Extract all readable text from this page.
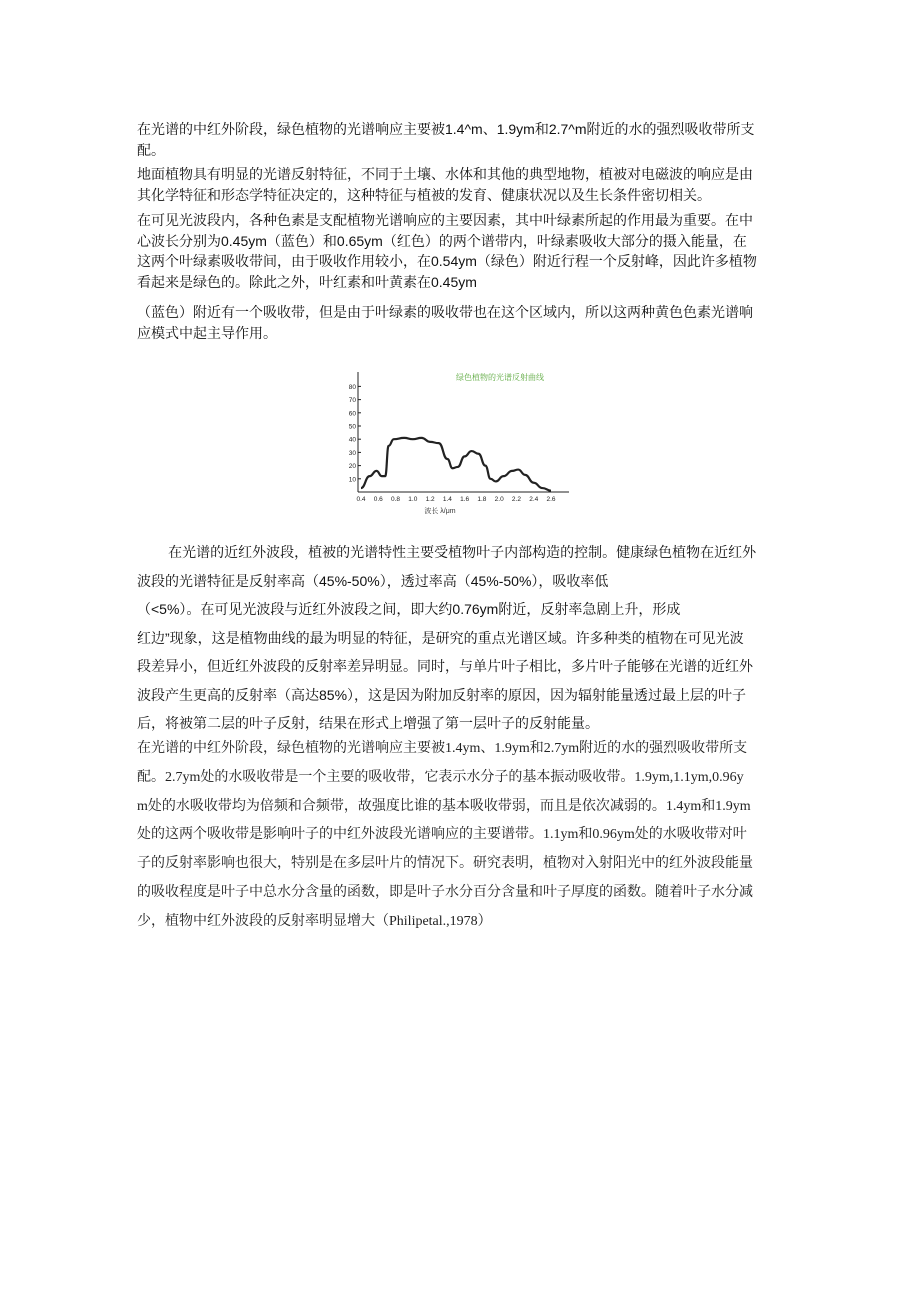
在光谱的中红外阶段，绿色植物的光谱响应主要被1.4^m、1.9ym和2.7^m附近的水的强烈吸收带所支
配。
地面植物具有明显的光谱反射特征，不同于土壤、水体和其他的典型地物，植被对电磁波的响应是由
其化学特征和形态学特征决定的，这种特征与植被的发育、健康状况以及生长条件密切相关。
在可见光波段内，各种色素是支配植物光谱响应的主要因素，其中叶绿素所起的作用最为重要。在中
心波长分别为0.45ym（蓝色）和0.65ym（红色）的两个谱带内，叶绿素吸收大部分的摄入能量，在
这两个叶绿素吸收带间，由于吸收作用较小，在0.54ym（绿色）附近行程一个反射峰，因此许多植物
看起来是绿色的。除此之外，叶红素和叶黄素在0.45ym
（蓝色）附近有一个吸收带，但是由于叶绿素的吸收带也在这个区域内，所以这两种黄色色素光谱响
应模式中起主导作用。
10
20
30
40
50
60
70
80
0.4 0.6 0.8 1.0 1.2 1.4 1.6 1.8 2.0 2.2 2.4 2.6
绿色植物的光谱反射曲线
波长 λ/μm
在光谱的近红外波段，植被的光谱特性主要受植物叶子内部构造的控制。健康绿色植物在近红外
波段的光谱特征是反射率高（45%-50%），透过率高（45%-50%），吸收率低
（<5%）。在可见光波段与近红外波段之间，即大约0.76ym附近，反射率急剧上升，形成
红边”现象，这是植物曲线的最为明显的特征，是研究的重点光谱区域。许多种类的植物在可见光波
段差异小，但近红外波段的反射率差异明显。同时，与单片叶子相比，多片叶子能够在光谱的近红外
波段产生更高的反射率（高达85%），这是因为附加反射率的原因，因为辐射能量透过最上层的叶子
后，将被第二层的叶子反射，结果在形式上增强了第一层叶子的反射能量。
在光谱的中红外阶段，绿色植物的光谱响应主要被1.4ym、1.9ym和2.7ym附近的水的强烈吸收带所支
配。2.7ym处的水吸收带是一个主要的吸收带，它表示水分子的基本振动吸收带。1.9ym,1.1ym,0.96y
m处的水吸收带均为倍频和合频带，故强度比谁的基本吸收带弱，而且是依次减弱的。1.4ym和1.9ym
处的这两个吸收带是影响叶子的中红外波段光谱响应的主要谱带。1.1ym和0.96ym处的水吸收带对叶
子的反射率影响也很大，特别是在多层叶片的情况下。研究表明，植物对入射阳光中的红外波段能量
的吸收程度是叶子中总水分含量的函数，即是叶子水分百分含量和叶子厚度的函数。随着叶子水分减
少，植物中红外波段的反射率明显增大（Philipetal.,1978）
